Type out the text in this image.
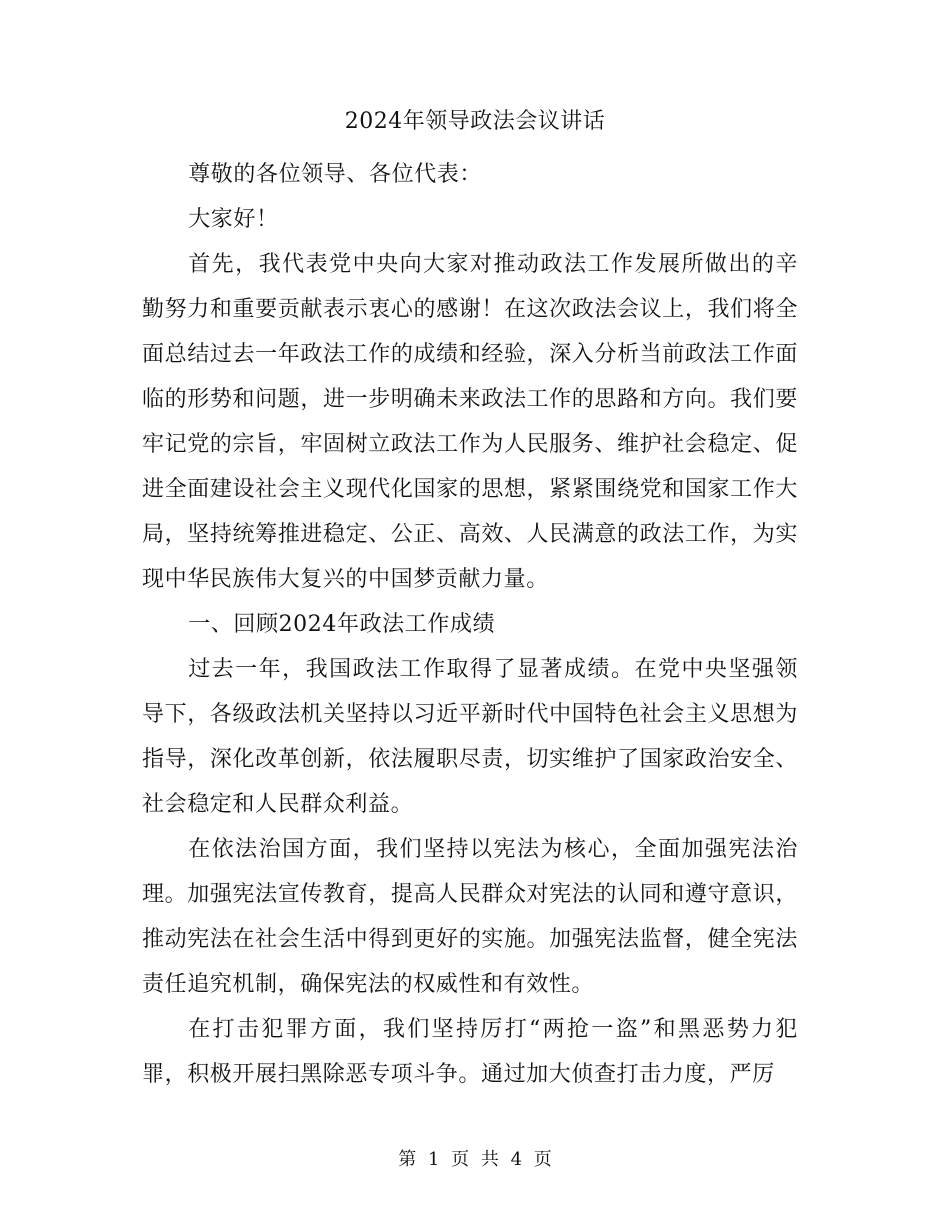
2024年领导政法会议讲话

尊敬的各位领导、各位代表：

大家好！

首先，我代表党中央向大家对推动政法工作发展所做出的辛勤努力和重要贡献表示衷心的感谢！在这次政法会议上，我们将全面总结过去一年政法工作的成绩和经验，深入分析当前政法工作面临的形势和问题，进一步明确未来政法工作的思路和方向。我们要牢记党的宗旨，牢固树立政法工作为人民服务、维护社会稳定、促进全面建设社会主义现代化国家的思想，紧紧围绕党和国家工作大局，坚持统筹推进稳定、公正、高效、人民满意的政法工作，为实现中华民族伟大复兴的中国梦贡献力量。

一、回顾2024年政法工作成绩

过去一年，我国政法工作取得了显著成绩。在党中央坚强领导下，各级政法机关坚持以习近平新时代中国特色社会主义思想为指导，深化改革创新，依法履职尽责，切实维护了国家政治安全、社会稳定和人民群众利益。

在依法治国方面，我们坚持以宪法为核心，全面加强宪法治理。加强宪法宣传教育，提高人民群众对宪法的认同和遵守意识，推动宪法在社会生活中得到更好的实施。加强宪法监督，健全宪法责任追究机制，确保宪法的权威性和有效性。

在打击犯罪方面，我们坚持厉打“两抢一盗”和黑恶势力犯罪，积极开展扫黑除恶专项斗争。通过加大侦查打击力度，严厉

第 1 页 共 4 页
